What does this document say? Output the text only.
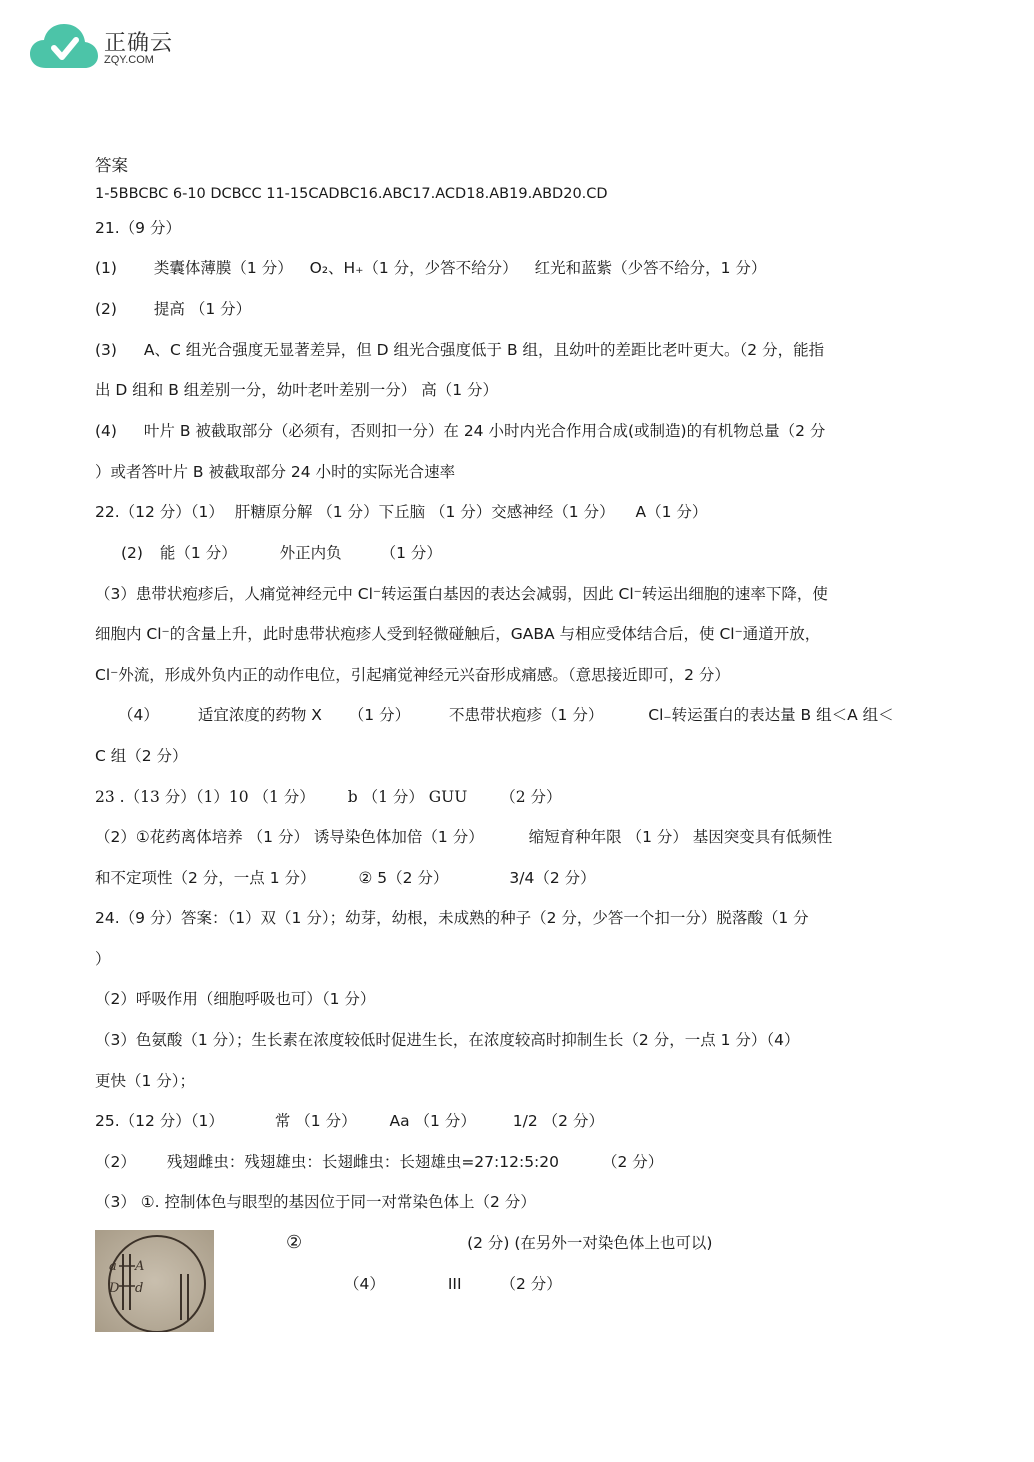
正确云
ZQY.COM
答案
1-5BBCBC 6-10 DCBCC 11-15CADBC16.ABC17.ACD18.AB19.ABD20.CD
21.（9 分）
(1) 类囊体薄膜（1 分） O₂、H₊（1 分，少答不给分） 红光和蓝紫（少答不给分，1 分）
(2) 提高 （1 分）
(3) A、C 组光合强度无显著差异，但 D 组光合强度低于 B 组，且幼叶的差距比老叶更大。（2 分，能指
出 D 组和 B 组差别一分，幼叶老叶差别一分） 高（1 分）
(4) 叶片 B 被截取部分（必须有，否则扣一分）在 24 小时内光合作用合成(或制造)的有机物总量（2 分
）或者答叶片 B 被截取部分 24 小时的实际光合速率
22.（12 分）（1） 肝糖原分解 （1 分）下丘脑 （1 分）交感神经（1 分） A（1 分）
(2) 能（1 分）	外正内负	（1 分）
（3）患带状疱疹后，人痛觉神经元中 Cl⁻转运蛋白基因的表达会减弱，因此 Cl⁻转运出细胞的速率下降，使
细胞内 Cl⁻的含量上升，此时患带状疱疹人受到轻微碰触后，GABA 与相应受体结合后，使 Cl⁻通道开放，
Cl⁻外流，形成外负内正的动作电位，引起痛觉神经元兴奋形成痛感。（意思接近即可，2 分）
（4）	适宜浓度的药物 X （1 分）	不患带状疱疹（1 分）	Cl₋转运蛋白的表达量 B 组＜A 组＜
C 组（2 分）
23 .（13 分）（1）10 （1 分） b （1 分） GUU （2 分）
（2）①花药离体培养 （1 分） 诱导染色体加倍（1 分）	缩短育种年限 （1 分） 基因突变具有低频性
和不定项性（2 分，一点 1 分）	② 5（2 分）	3/4（2 分）
24.（9 分）答案：（1）双（1 分）；幼芽，幼根，未成熟的种子（2 分，少答一个扣一分）脱落酸（1 分
）
（2）呼吸作用（细胞呼吸也可）（1 分）
（3）色氨酸（1 分）；生长素在浓度较低时促进生长，在浓度较高时抑制生长（2 分，一点 1 分）（4）
更快（1 分）；
25.（12 分）（1）	常 （1 分） Aa （1 分） 1/2 （2 分）
（2） 残翅雌虫：残翅雄虫：长翅雌虫：长翅雄虫=27:12:5:20	（2 分）
（3） ①. 控制体色与眼型的基因位于同一对常染色体上（2 分）
a A
D d
②	(2 分) (在另外一对染色体上也可以)
（4）	III	（2 分）
